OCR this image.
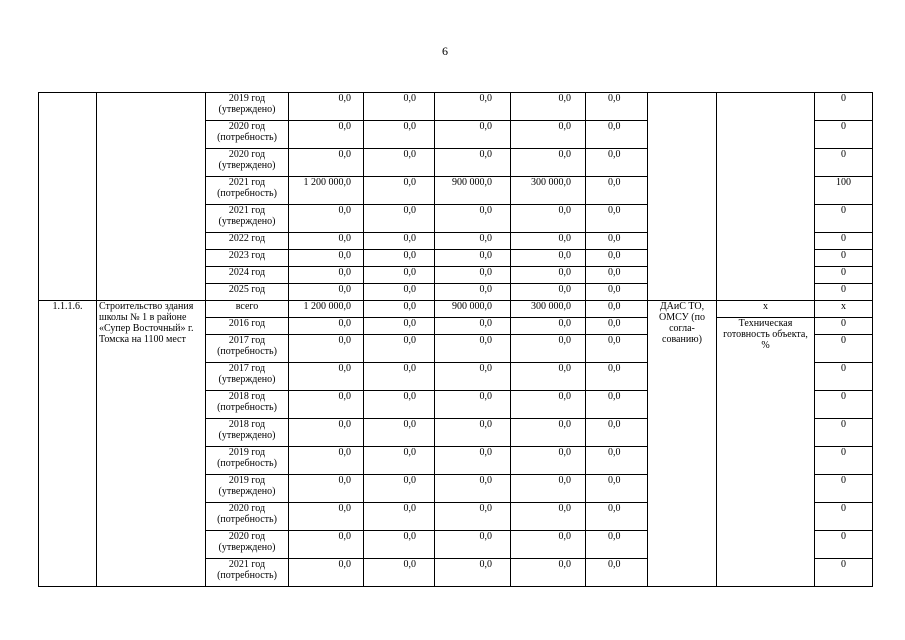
6
		2019 год (утверждено)	0,0	0,0	0,0	0,0	0,0			0
		2020 год (потребность)	0,0	0,0	0,0	0,0	0,0			0
		2020 год (утверждено)	0,0	0,0	0,0	0,0	0,0			0
		2021 год (потребность)	1 200 000,0	0,0	900 000,0	300 000,0	0,0			100
		2021 год (утверждено)	0,0	0,0	0,0	0,0	0,0			0
		2022 год	0,0	0,0	0,0	0,0	0,0			0
		2023 год	0,0	0,0	0,0	0,0	0,0			0
		2024 год	0,0	0,0	0,0	0,0	0,0			0
		2025 год	0,0	0,0	0,0	0,0	0,0			0
1.1.1.6.	Строительство здания школы № 1 в районе «Супер Восточный» г. Томска на 1100 мест	всего	1 200 000,0	0,0	900 000,0	300 000,0	0,0	ДАиС ТО, ОМСУ (по согла-сованию)	x	x
		2016 год	0,0	0,0	0,0	0,0	0,0		Техническая готовность объекта, %	0
		2017 год (потребность)	0,0	0,0	0,0	0,0	0,0			0
		2017 год (утверждено)	0,0	0,0	0,0	0,0	0,0			0
		2018 год (потребность)	0,0	0,0	0,0	0,0	0,0			0
		2018 год (утверждено)	0,0	0,0	0,0	0,0	0,0			0
		2019 год (потребность)	0,0	0,0	0,0	0,0	0,0			0
		2019 год (утверждено)	0,0	0,0	0,0	0,0	0,0			0
		2020 год (потребность)	0,0	0,0	0,0	0,0	0,0			0
		2020 год (утверждено)	0,0	0,0	0,0	0,0	0,0			0
		2021 год (потребность)	0,0	0,0	0,0	0,0	0,0			0
